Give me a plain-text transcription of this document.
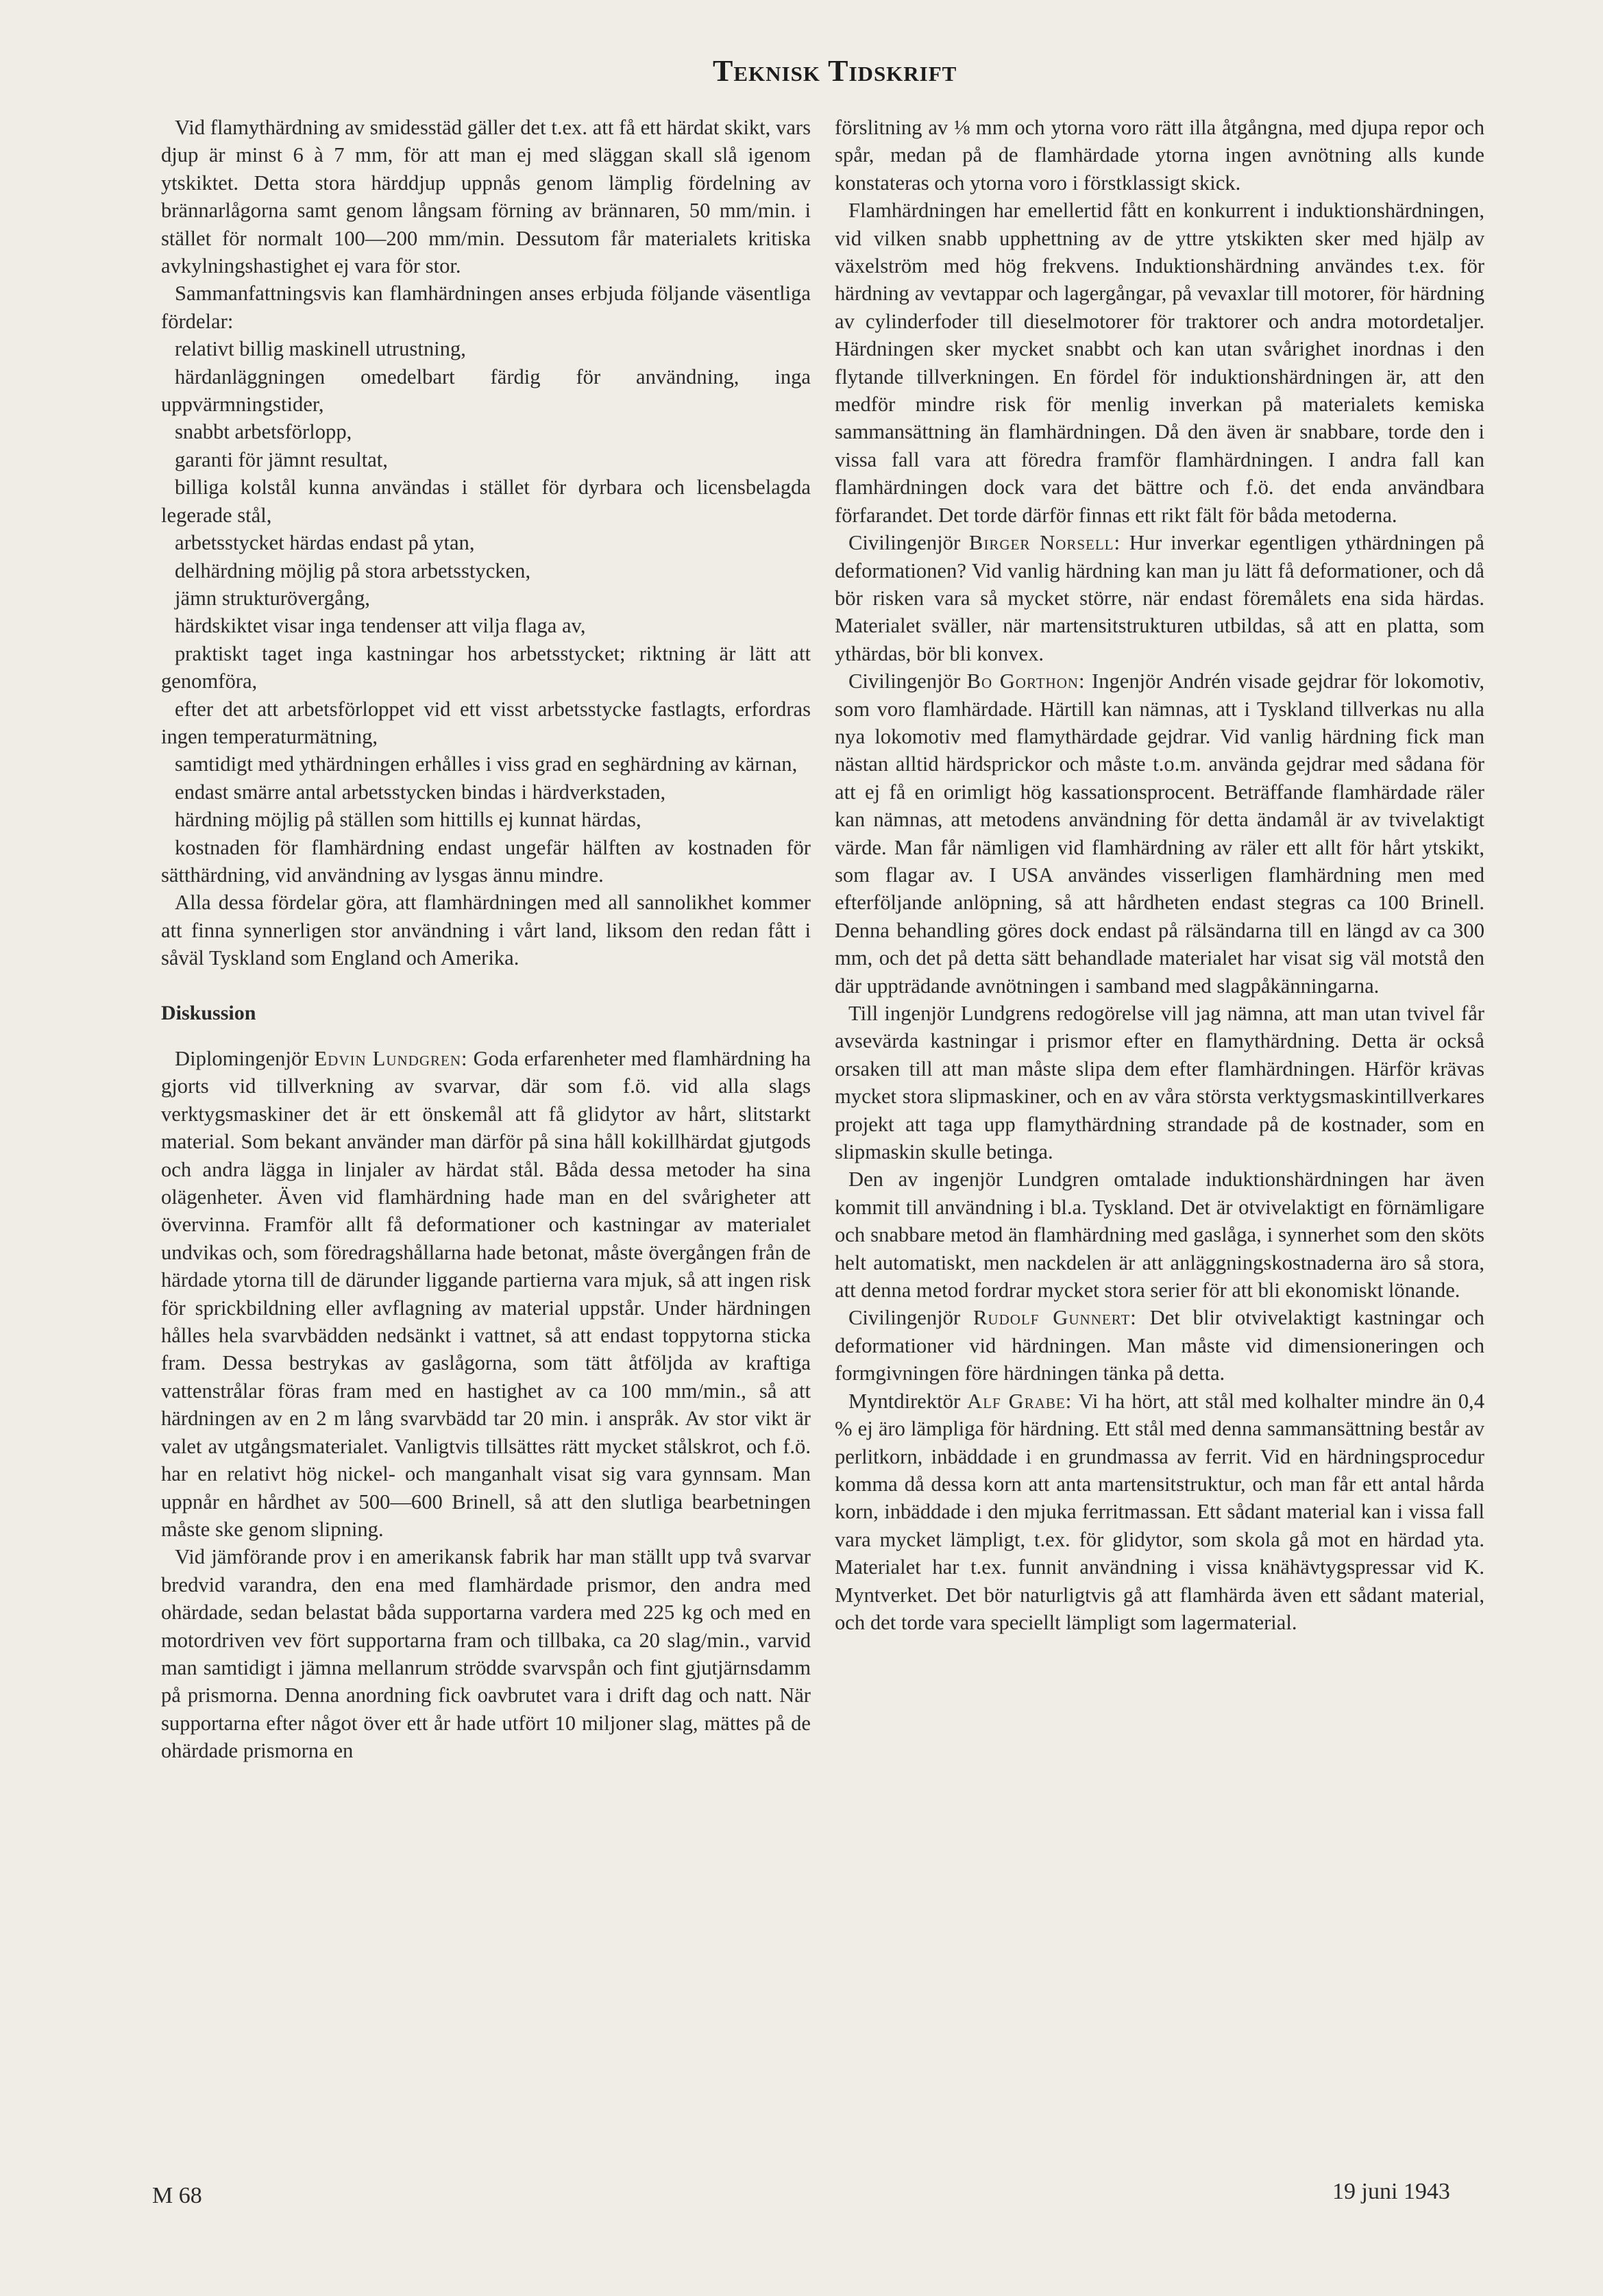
Teknisk Tidskrift

Vid flamythärdning av smidesstäd gäller det t.ex. att få ett härdat skikt, vars djup är minst 6 à 7 mm, för att man ej med släggan skall slå igenom ytskiktet. Detta stora härddjup uppnås genom lämplig fördelning av brännarlågorna samt genom långsam förning av brännaren, 50 mm/min. i stället för normalt 100—200 mm/min. Dessutom får materialets kritiska avkylningshastighet ej vara för stor.

Sammanfattningsvis kan flamhärdningen anses erbjuda följande väsentliga fördelar:

relativt billig maskinell utrustning,

härdanläggningen omedelbart färdig för användning, inga uppvärmningstider,

snabbt arbetsförlopp,

garanti för jämnt resultat,

billiga kolstål kunna användas i stället för dyrbara och licensbelagda legerade stål,

arbetsstycket härdas endast på ytan,

delhärdning möjlig på stora arbetsstycken,

jämn strukturövergång,

härdskiktet visar inga tendenser att vilja flaga av,

praktiskt taget inga kastningar hos arbetsstycket; riktning är lätt att genomföra,

efter det att arbetsförloppet vid ett visst arbetsstycke fastlagts, erfordras ingen temperaturmätning,

samtidigt med ythärdningen erhålles i viss grad en seghärdning av kärnan,

endast smärre antal arbetsstycken bindas i härdverkstaden,

härdning möjlig på ställen som hittills ej kunnat härdas,

kostnaden för flamhärdning endast ungefär hälften av kostnaden för sätthärdning, vid användning av lysgas ännu mindre.

Alla dessa fördelar göra, att flamhärdningen med all sannolikhet kommer att finna synnerligen stor användning i vårt land, liksom den redan fått i såväl Tyskland som England och Amerika.

Diskussion

Diplomingenjör Edvin Lundgren: Goda erfarenheter med flamhärdning ha gjorts vid tillverkning av svarvar, där som f.ö. vid alla slags verktygsmaskiner det är ett önskemål att få glidytor av hårt, slitstarkt material. Som bekant använder man därför på sina håll kokillhärdat gjutgods och andra lägga in linjaler av härdat stål. Båda dessa metoder ha sina olägenheter. Även vid flamhärdning hade man en del svårigheter att övervinna. Framför allt få deformationer och kastningar av materialet undvikas och, som föredragshållarna hade betonat, måste övergången från de härdade ytorna till de därunder liggande partierna vara mjuk, så att ingen risk för sprickbildning eller avflagning av material uppstår. Under härdningen hålles hela svarvbädden nedsänkt i vattnet, så att endast toppytorna sticka fram. Dessa bestrykas av gaslågorna, som tätt åtföljda av kraftiga vattenstrålar föras fram med en hastighet av ca 100 mm/min., så att härdningen av en 2 m lång svarvbädd tar 20 min. i anspråk. Av stor vikt är valet av utgångsmaterialet. Vanligtvis tillsättes rätt mycket stålskrot, och f.ö. har en relativt hög nickel- och manganhalt visat sig vara gynnsam. Man uppnår en hårdhet av 500—600 Brinell, så att den slutliga bearbetningen måste ske genom slipning.

Vid jämförande prov i en amerikansk fabrik har man ställt upp två svarvar bredvid varandra, den ena med flamhärdade prismor, den andra med ohärdade, sedan belastat båda supportarna vardera med 225 kg och med en motordriven vev fört supportarna fram och tillbaka, ca 20 slag/min., varvid man samtidigt i jämna mellanrum strödde svarvspån och fint gjutjärnsdamm på prismorna. Denna anordning fick oavbrutet vara i drift dag och natt. När supportarna efter något över ett år hade utfört 10 miljoner slag, mättes på de ohärdade prismorna en

förslitning av ⅛ mm och ytorna voro rätt illa åtgångna, med djupa repor och spår, medan på de flamhärdade ytorna ingen avnötning alls kunde konstateras och ytorna voro i förstklassigt skick.

Flamhärdningen har emellertid fått en konkurrent i induktionshärdningen, vid vilken snabb upphettning av de yttre ytskikten sker med hjälp av växelström med hög frekvens. Induktionshärdning användes t.ex. för härdning av vevtappar och lagergångar, på vevaxlar till motorer, för härdning av cylinderfoder till dieselmotorer för traktorer och andra motordetaljer. Härdningen sker mycket snabbt och kan utan svårighet inordnas i den flytande tillverkningen. En fördel för induktionshärdningen är, att den medför mindre risk för menlig inverkan på materialets kemiska sammansättning än flamhärdningen. Då den även är snabbare, torde den i vissa fall vara att föredra framför flamhärdningen. I andra fall kan flamhärdningen dock vara det bättre och f.ö. det enda användbara förfarandet. Det torde därför finnas ett rikt fält för båda metoderna.

Civilingenjör Birger Norsell: Hur inverkar egentligen ythärdningen på deformationen? Vid vanlig härdning kan man ju lätt få deformationer, och då bör risken vara så mycket större, när endast föremålets ena sida härdas. Materialet sväller, när martensitstrukturen utbildas, så att en platta, som ythärdas, bör bli konvex.

Civilingenjör Bo Gorthon: Ingenjör Andrén visade gejdrar för lokomotiv, som voro flamhärdade. Härtill kan nämnas, att i Tyskland tillverkas nu alla nya lokomotiv med flamythärdade gejdrar. Vid vanlig härdning fick man nästan alltid härdsprickor och måste t.o.m. använda gejdrar med sådana för att ej få en orimligt hög kassationsprocent. Beträffande flamhärdade räler kan nämnas, att metodens användning för detta ändamål är av tvivelaktigt värde. Man får nämligen vid flamhärdning av räler ett allt för hårt ytskikt, som flagar av. I USA användes visserligen flamhärdning men med efterföljande anlöpning, så att hårdheten endast stegras ca 100 Brinell. Denna behandling göres dock endast på rälsändarna till en längd av ca 300 mm, och det på detta sätt behandlade materialet har visat sig väl motstå den där uppträdande avnötningen i samband med slagpåkänningarna.

Till ingenjör Lundgrens redogörelse vill jag nämna, att man utan tvivel får avsevärda kastningar i prismor efter en flamythärdning. Detta är också orsaken till att man måste slipa dem efter flamhärdningen. Härför krävas mycket stora slipmaskiner, och en av våra största verktygsmaskintillverkares projekt att taga upp flamythärdning strandade på de kostnader, som en slipmaskin skulle betinga.

Den av ingenjör Lundgren omtalade induktionshärdningen har även kommit till användning i bl.a. Tyskland. Det är otvivelaktigt en förnämligare och snabbare metod än flamhärdning med gaslåga, i synnerhet som den sköts helt automatiskt, men nackdelen är att anläggningskostnaderna äro så stora, att denna metod fordrar mycket stora serier för att bli ekonomiskt lönande.

Civilingenjör Rudolf Gunnert: Det blir otvivelaktigt kastningar och deformationer vid härdningen. Man måste vid dimensioneringen och formgivningen före härdningen tänka på detta.

Myntdirektör Alf Grabe: Vi ha hört, att stål med kolhalter mindre än 0,4 % ej äro lämpliga för härdning. Ett stål med denna sammansättning består av perlitkorn, inbäddade i en grundmassa av ferrit. Vid en härdningsprocedur komma då dessa korn att anta martensitstruktur, och man får ett antal hårda korn, inbäddade i den mjuka ferritmassan. Ett sådant material kan i vissa fall vara mycket lämpligt, t.ex. för glidytor, som skola gå mot en härdad yta. Materialet har t.ex. funnit användning i vissa knähävtygspressar vid K. Myntverket. Det bör naturligtvis gå att flamhärda även ett sådant material, och det torde vara speciellt lämpligt som lagermaterial.

M 68	19 juni 1943
